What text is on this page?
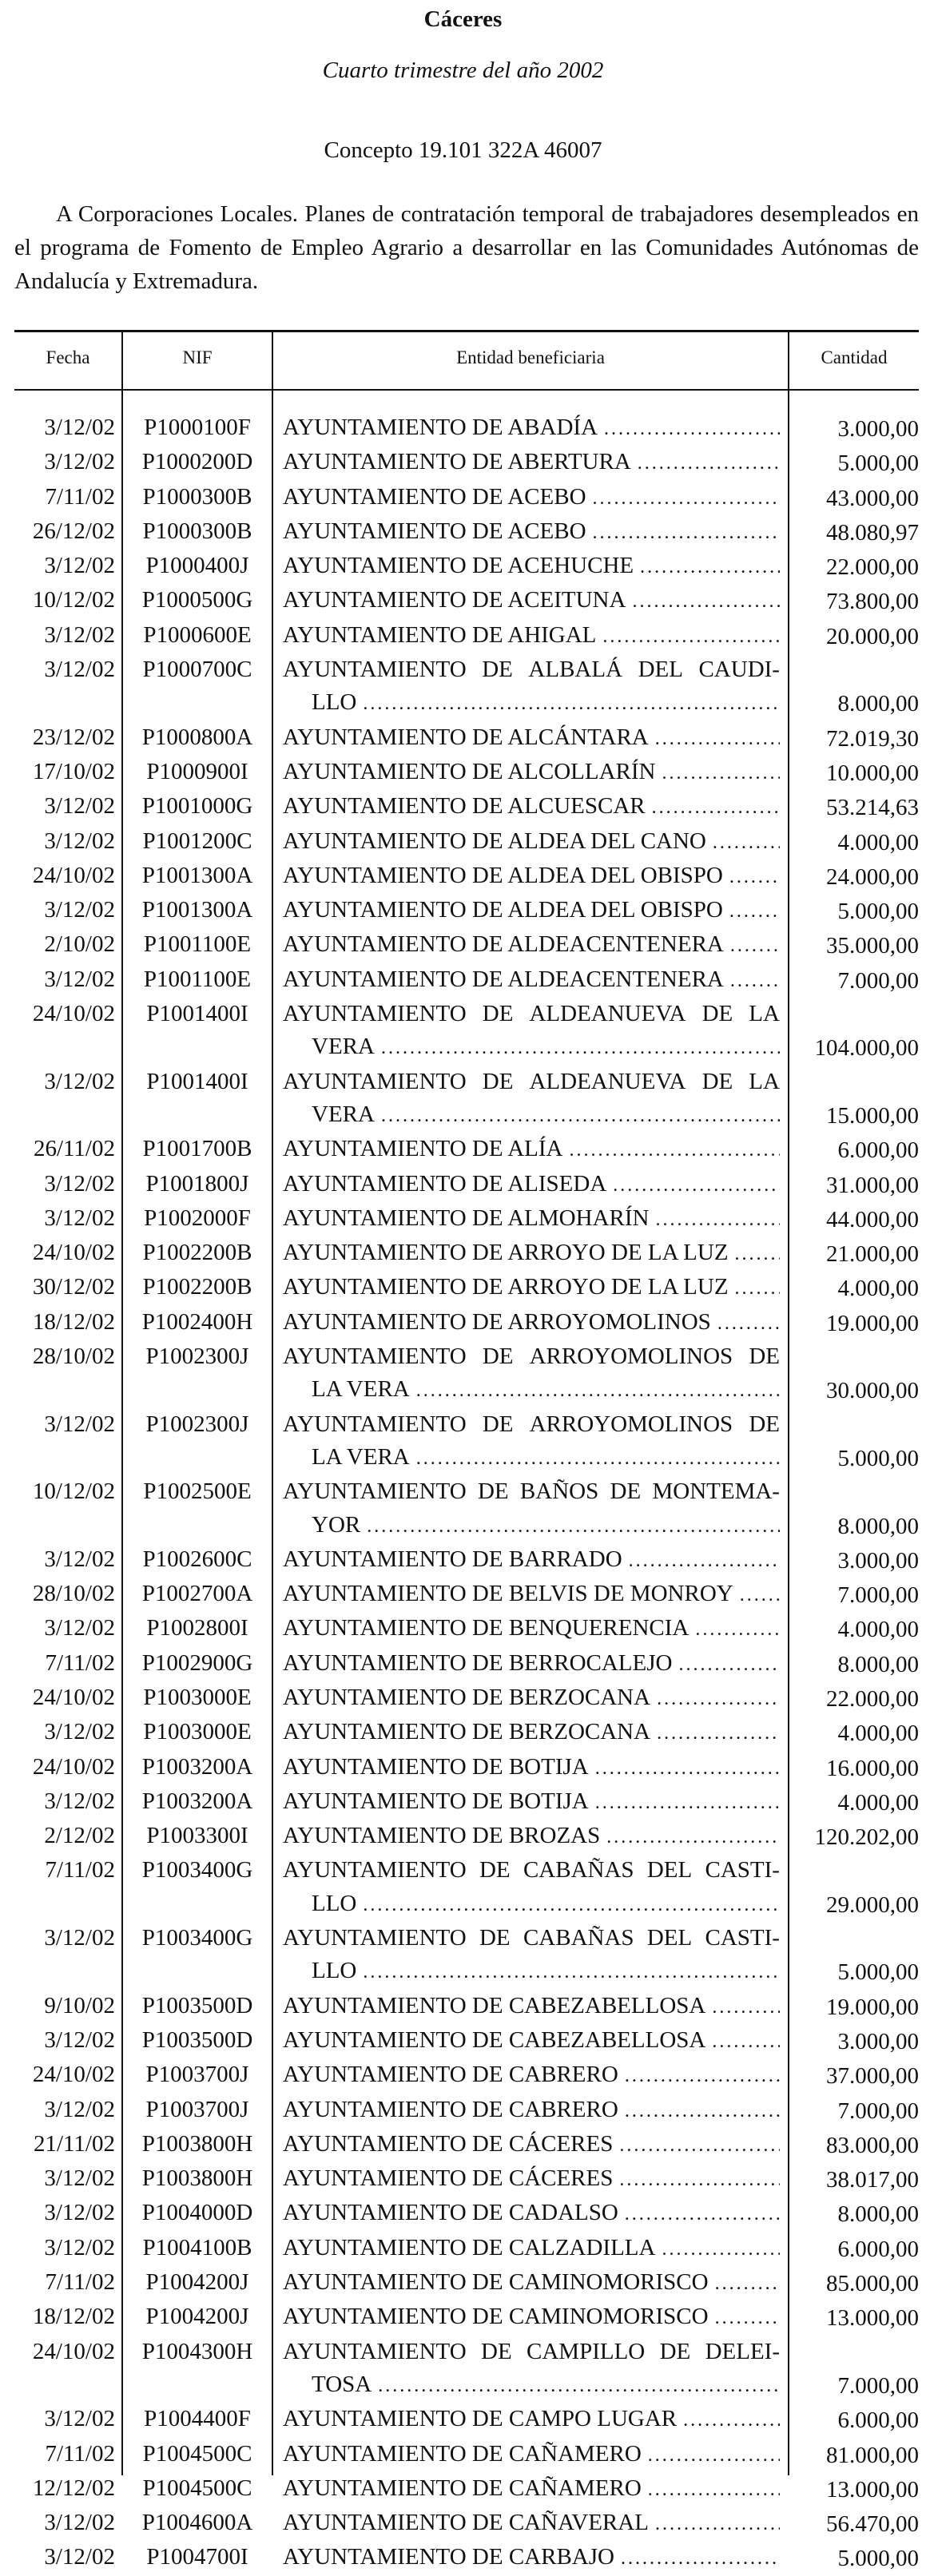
Cáceres
Cuarto trimestre del año 2002
Concepto 19.101 322A 46007
A Corporaciones Locales. Planes de contratación temporal de trabajadores desempleados en el programa de Fomento de Empleo Agrario a desarrollar en las Comunidades Autónomas de Andalucía y Extremadura.
Fecha	NIF	Entidad beneficiaria	Cantidad
3/12/02	P1000100F	AYUNTAMIENTO DE ABADÍA .....	3.000,00
3/12/02	P1000200D	AYUNTAMIENTO DE ABERTURA .....	5.000,00
7/11/02	P1000300B	AYUNTAMIENTO DE ACEBO .....	43.000,00
26/12/02	P1000300B	AYUNTAMIENTO DE ACEBO .....	48.080,97
3/12/02	P1000400J	AYUNTAMIENTO DE ACEHUCHE .....	22.000,00
10/12/02	P1000500G	AYUNTAMIENTO DE ACEITUNA .....	73.800,00
3/12/02	P1000600E	AYUNTAMIENTO DE AHIGAL .....	20.000,00
3/12/02	P1000700C	AYUNTAMIENTO DE ALBALÁ DEL CAUDI-
LLO .....	8.000,00
23/12/02	P1000800A	AYUNTAMIENTO DE ALCÁNTARA .....	72.019,30
17/10/02	P1000900I	AYUNTAMIENTO DE ALCOLLARÍN .....	10.000,00
3/12/02	P1001000G	AYUNTAMIENTO DE ALCUESCAR .....	53.214,63
3/12/02	P1001200C	AYUNTAMIENTO DE ALDEA DEL CANO .....	4.000,00
24/10/02	P1001300A	AYUNTAMIENTO DE ALDEA DEL OBISPO .....	24.000,00
3/12/02	P1001300A	AYUNTAMIENTO DE ALDEA DEL OBISPO .....	5.000,00
2/10/02	P1001100E	AYUNTAMIENTO DE ALDEACENTENERA .....	35.000,00
3/12/02	P1001100E	AYUNTAMIENTO DE ALDEACENTENERA .....	7.000,00
24/10/02	P1001400I	AYUNTAMIENTO DE ALDEANUEVA DE LA
VERA .....	104.000,00
3/12/02	P1001400I	AYUNTAMIENTO DE ALDEANUEVA DE LA
VERA .....	15.000,00
26/11/02	P1001700B	AYUNTAMIENTO DE ALÍA .....	6.000,00
3/12/02	P1001800J	AYUNTAMIENTO DE ALISEDA .....	31.000,00
3/12/02	P1002000F	AYUNTAMIENTO DE ALMOHARÍN .....	44.000,00
24/10/02	P1002200B	AYUNTAMIENTO DE ARROYO DE LA LUZ .....	21.000,00
30/12/02	P1002200B	AYUNTAMIENTO DE ARROYO DE LA LUZ .....	4.000,00
18/12/02	P1002400H	AYUNTAMIENTO DE ARROYOMOLINOS .....	19.000,00
28/10/02	P1002300J	AYUNTAMIENTO DE ARROYOMOLINOS DE
LA VERA .....	30.000,00
3/12/02	P1002300J	AYUNTAMIENTO DE ARROYOMOLINOS DE
LA VERA .....	5.000,00
10/12/02	P1002500E	AYUNTAMIENTO DE BAÑOS DE MONTEMA-
YOR .....	8.000,00
3/12/02	P1002600C	AYUNTAMIENTO DE BARRADO .....	3.000,00
28/10/02	P1002700A	AYUNTAMIENTO DE BELVIS DE MONROY .....	7.000,00
3/12/02	P1002800I	AYUNTAMIENTO DE BENQUERENCIA .....	4.000,00
7/11/02	P1002900G	AYUNTAMIENTO DE BERROCALEJO .....	8.000,00
24/10/02	P1003000E	AYUNTAMIENTO DE BERZOCANA .....	22.000,00
3/12/02	P1003000E	AYUNTAMIENTO DE BERZOCANA .....	4.000,00
24/10/02	P1003200A	AYUNTAMIENTO DE BOTIJA .....	16.000,00
3/12/02	P1003200A	AYUNTAMIENTO DE BOTIJA .....	4.000,00
2/12/02	P1003300I	AYUNTAMIENTO DE BROZAS .....	120.202,00
7/11/02	P1003400G	AYUNTAMIENTO DE CABAÑAS DEL CASTI-
LLO .....	29.000,00
3/12/02	P1003400G	AYUNTAMIENTO DE CABAÑAS DEL CASTI-
LLO .....	5.000,00
9/10/02	P1003500D	AYUNTAMIENTO DE CABEZABELLOSA .....	19.000,00
3/12/02	P1003500D	AYUNTAMIENTO DE CABEZABELLOSA .....	3.000,00
24/10/02	P1003700J	AYUNTAMIENTO DE CABRERO .....	37.000,00
3/12/02	P1003700J	AYUNTAMIENTO DE CABRERO .....	7.000,00
21/11/02	P1003800H	AYUNTAMIENTO DE CÁCERES .....	83.000,00
3/12/02	P1003800H	AYUNTAMIENTO DE CÁCERES .....	38.017,00
3/12/02	P1004000D	AYUNTAMIENTO DE CADALSO .....	8.000,00
3/12/02	P1004100B	AYUNTAMIENTO DE CALZADILLA .....	6.000,00
7/11/02	P1004200J	AYUNTAMIENTO DE CAMINOMORISCO .....	85.000,00
18/12/02	P1004200J	AYUNTAMIENTO DE CAMINOMORISCO .....	13.000,00
24/10/02	P1004300H	AYUNTAMIENTO DE CAMPILLO DE DELEI-
TOSA .....	7.000,00
3/12/02	P1004400F	AYUNTAMIENTO DE CAMPO LUGAR .....	6.000,00
7/11/02	P1004500C	AYUNTAMIENTO DE CAÑAMERO .....	81.000,00
12/12/02	P1004500C	AYUNTAMIENTO DE CAÑAMERO .....	13.000,00
3/12/02	P1004600A	AYUNTAMIENTO DE CAÑAVERAL .....	56.470,00
3/12/02	P1004700I	AYUNTAMIENTO DE CARBAJO .....	5.000,00
